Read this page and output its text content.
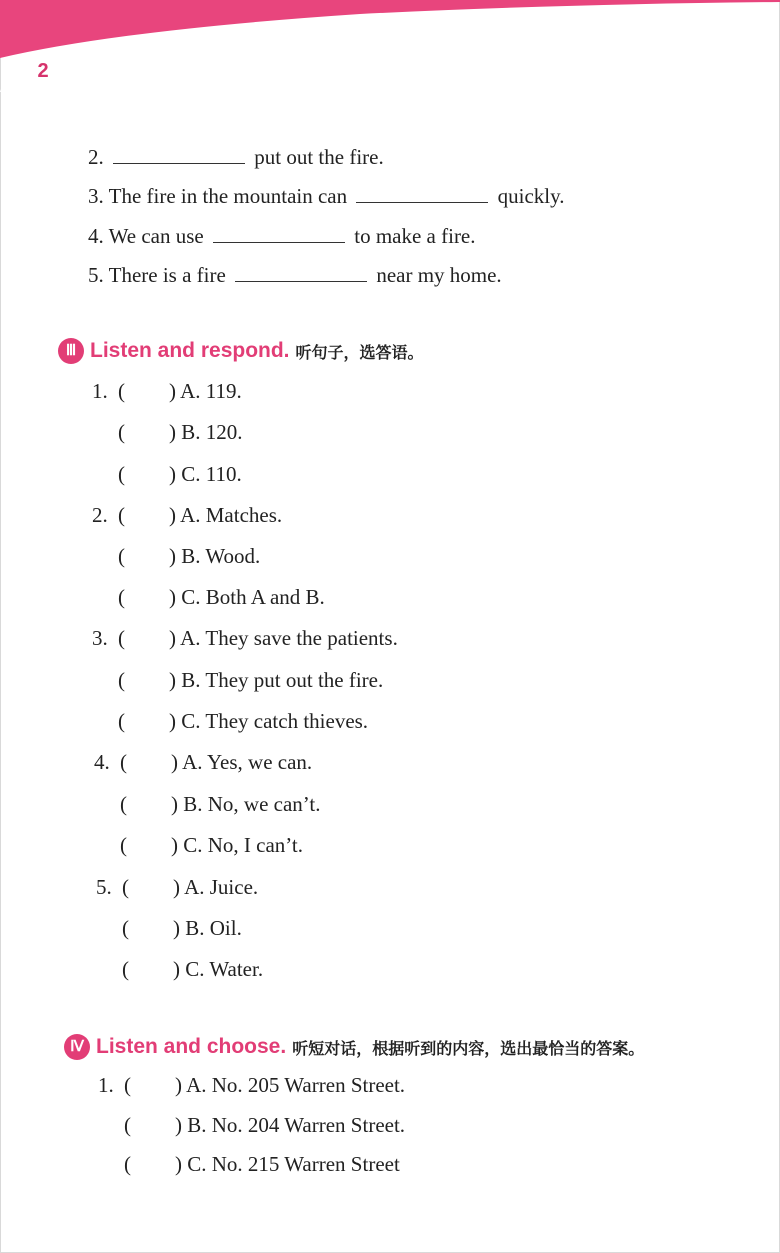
2
小学英语进阶听力（五年级）
2.	put out the fire.
3. The fire in the mountain can	quickly.
4. We can use	to make a fire.
5. There is a fire	near my home.
Ⅲ Listen and respond. 听句子，选答语。
1. ( ) A. 119.
( ) B. 120.
( ) C. 110.
2. ( ) A. Matches.
( ) B. Wood.
( ) C. Both A and B.
3. ( ) A. They save the patients.
( ) B. They put out the fire.
( ) C. They catch thieves.
4. ( ) A. Yes, we can.
( ) B. No, we can’t.
( ) C. No, I can’t.
5. ( ) A. Juice.
( ) B. Oil.
( ) C. Water.
Ⅳ Listen and choose. 听短对话，根据听到的内容，选出最恰当的答案。
1. ( ) A. No. 205 Warren Street.
( ) B. No. 204 Warren Street.
( ) C. No. 215 Warren Street
